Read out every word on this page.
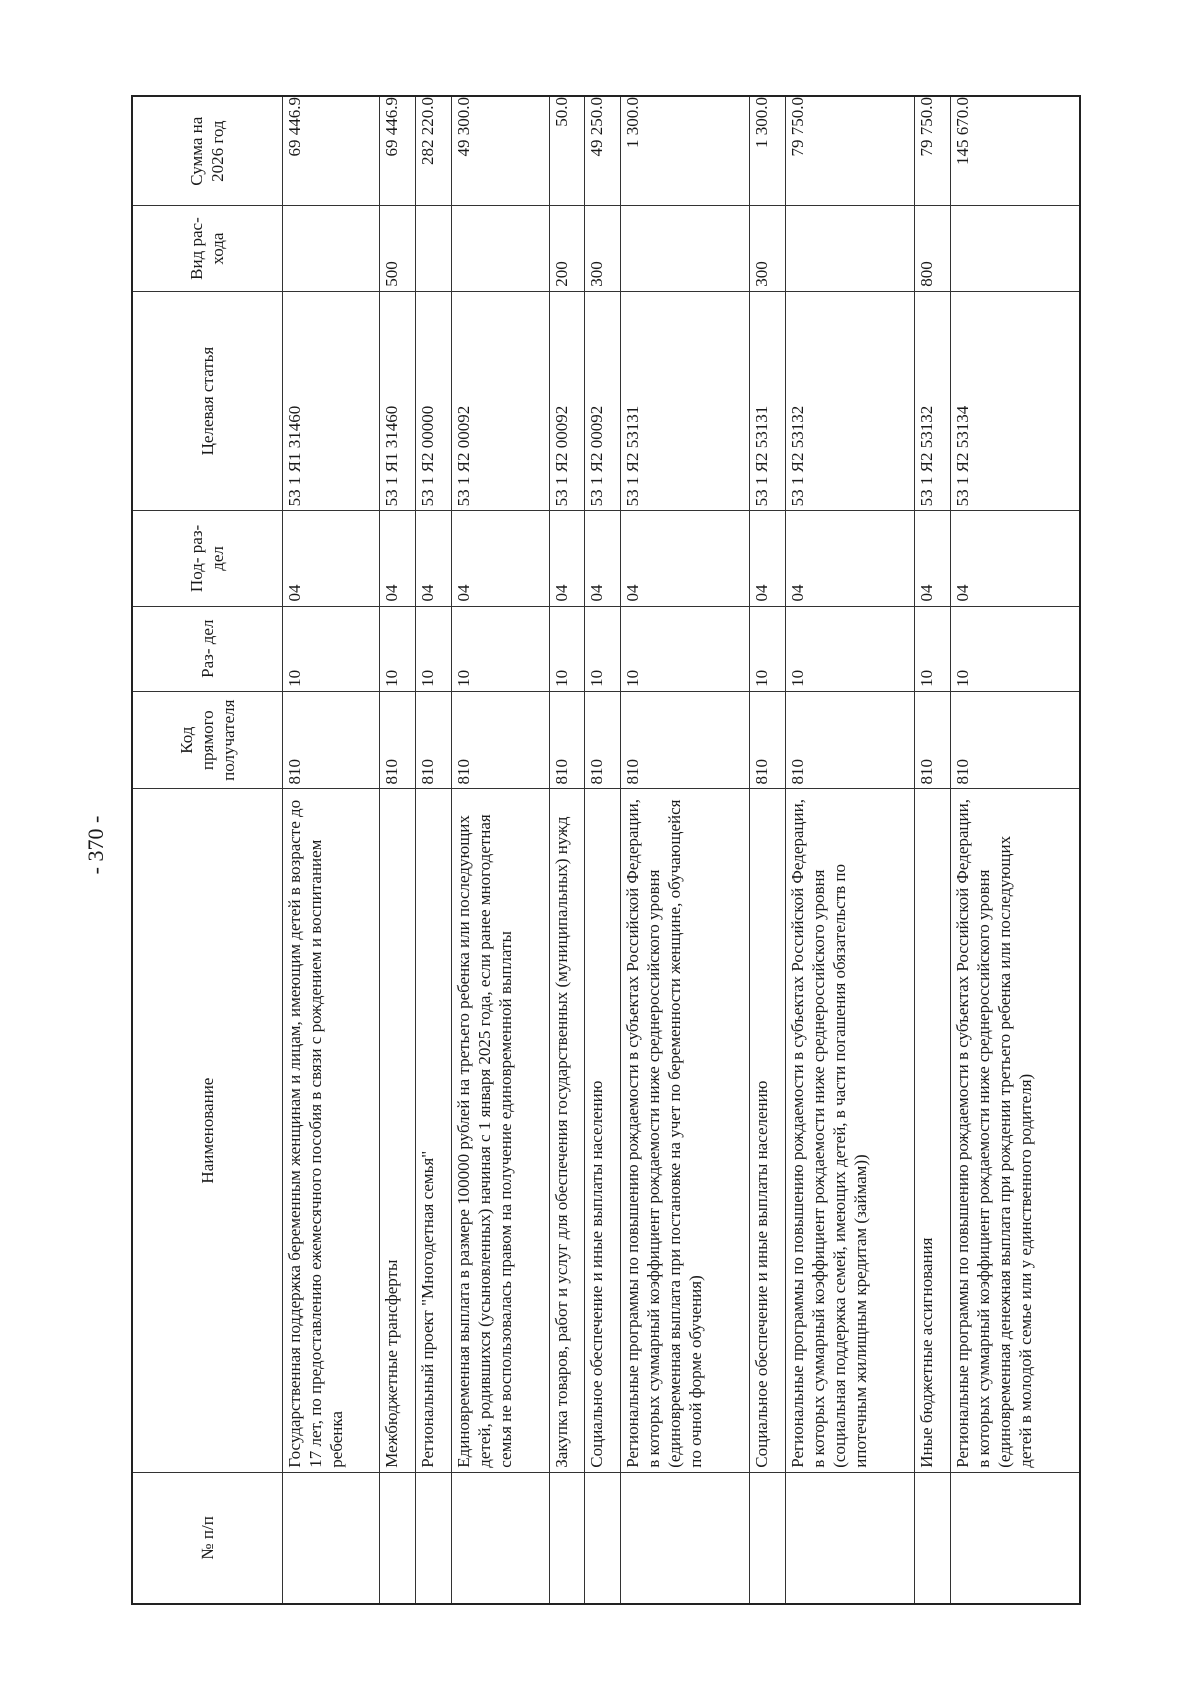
- 370 -
№ п/п	Наименование	Код прямого получателя	Раз- дел	Под- раз- дел	Целевая статья	Вид рас- хода	Сумма на 2026 год
	Государственная поддержка беременным женщинам и лицам, имеющим детей в возрасте до 17 лет, по предоставлению ежемесячного пособия в связи с рождением и воспитанием ребенка	810	10	04	53 1 Я1 31460		69 446.9
	Межбюджетные трансферты	810	10	04	53 1 Я1 31460	500	69 446.9
	Региональный проект "Многодетная семья"	810	10	04	53 1 Я2 00000		282 220.0
	Единовременная выплата в размере 100000 рублей на третьего ребенка или последующих детей, родившихся (усыновленных) начиная с 1 января 2025 года, если ранее многодетная семья не воспользовалась правом на получение единовременной выплаты	810	10	04	53 1 Я2 00092		49 300.0
	Закупка товаров, работ и услуг для обеспечения государственных (муниципальных) нужд	810	10	04	53 1 Я2 00092	200	50.0
	Социальное обеспечение и иные выплаты населению	810	10	04	53 1 Я2 00092	300	49 250.0
	Региональные программы по повышению рождаемости в субъектах Российской Федерации, в которых суммарный коэффициент рождаемости ниже среднероссийского уровня (единовременная выплата при постановке на учет по беременности женщине, обучающейся по очной форме обучения)	810	10	04	53 1 Я2 53131		1 300.0
	Социальное обеспечение и иные выплаты населению	810	10	04	53 1 Я2 53131	300	1 300.0
	Региональные программы по повышению рождаемости в субъектах Российской Федерации, в которых суммарный коэффициент рождаемости ниже среднероссийского уровня (социальная поддержка семей, имеющих детей, в части погашения обязательств по ипотечным жилищным кредитам (займам))	810	10	04	53 1 Я2 53132		79 750.0
	Иные бюджетные ассигнования	810	10	04	53 1 Я2 53132	800	79 750.0
	Региональные программы по повышению рождаемости в субъектах Российской Федерации, в которых суммарный коэффициент рождаемости ниже среднероссийского уровня (единовременная денежная выплата при рождении третьего ребенка или последующих детей в молодой семье или у единственного родителя)	810	10	04	53 1 Я2 53134		145 670.0
